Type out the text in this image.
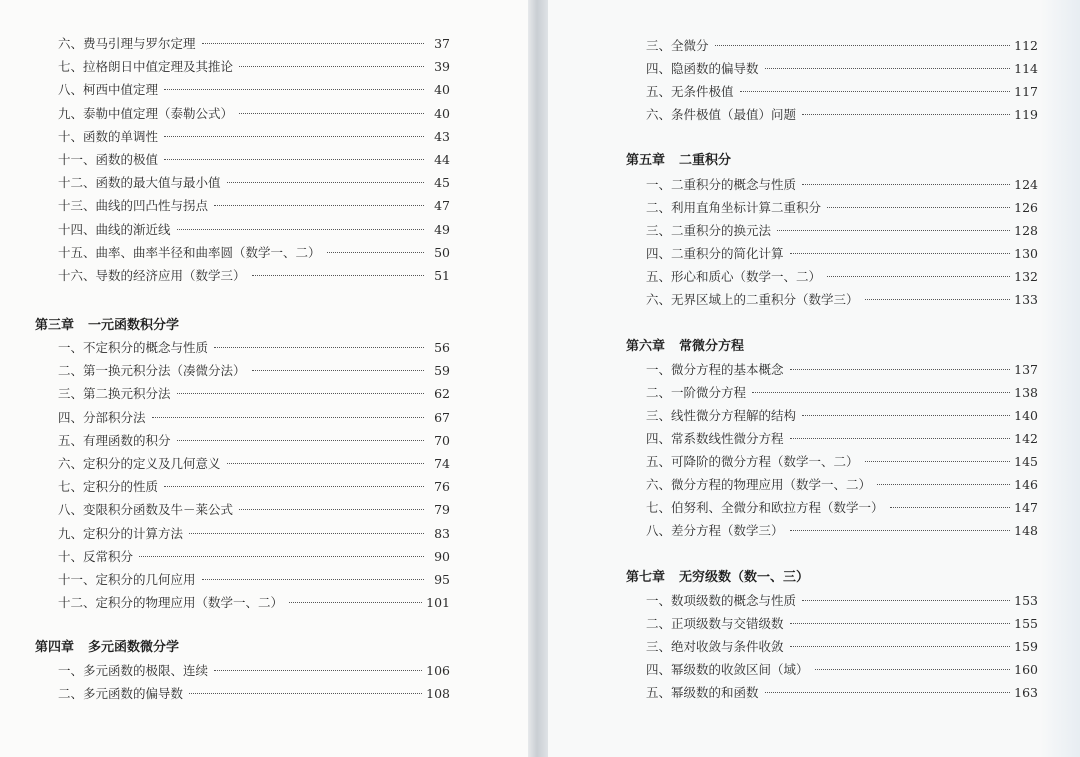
六、费马引理与罗尔定理	37
七、拉格朗日中值定理及其推论	39
八、柯西中值定理	40
九、泰勒中值定理（泰勒公式）	40
十、函数的单调性	43
十一、函数的极值	44
十二、函数的最大值与最小值	45
十三、曲线的凹凸性与拐点	47
十四、曲线的渐近线	49
十五、曲率、曲率半径和曲率圆（数学一、二）	50
十六、导数的经济应用（数学三）	51
第三章 一元函数积分学
一、不定积分的概念与性质	56
二、第一换元积分法（凑微分法）	59
三、第二换元积分法	62
四、分部积分法	67
五、有理函数的积分	70
六、定积分的定义及几何意义	74
七、定积分的性质	76
八、变限积分函数及牛－莱公式	79
九、定积分的计算方法	83
十、反常积分	90
十一、定积分的几何应用	95
十二、定积分的物理应用（数学一、二）	101
第四章 多元函数微分学
一、多元函数的极限、连续	106
二、多元函数的偏导数	108
三、全微分	112
四、隐函数的偏导数	114
五、无条件极值	117
六、条件极值（最值）问题	119
第五章 二重积分
一、二重积分的概念与性质	124
二、利用直角坐标计算二重积分	126
三、二重积分的换元法	128
四、二重积分的简化计算	130
五、形心和质心（数学一、二）	132
六、无界区域上的二重积分（数学三）	133
第六章 常微分方程
一、微分方程的基本概念	137
二、一阶微分方程	138
三、线性微分方程解的结构	140
四、常系数线性微分方程	142
五、可降阶的微分方程（数学一、二）	145
六、微分方程的物理应用（数学一、二）	146
七、伯努利、全微分和欧拉方程（数学一）	147
八、差分方程（数学三）	148
第七章 无穷级数（数一、三）
一、数项级数的概念与性质	153
二、正项级数与交错级数	155
三、绝对收敛与条件收敛	159
四、幂级数的收敛区间（域）	160
五、幂级数的和函数	163
